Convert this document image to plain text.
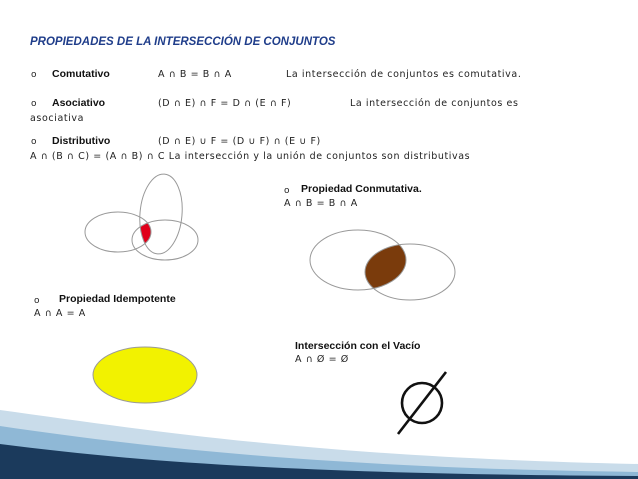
PROPIEDADES DE LA INTERSECCIÓN DE CONJUNTOS
o Comutativo	A ∩ B = B ∩ A	La intersección de conjuntos es comutativa.
o Asociativo	(D ∩ E) ∩ F = D ∩ (E ∩ F)	La intersección de conjuntos es
asociativa
o Distributivo	(D ∩ E) ∪ F = (D ∪ F) ∩ (E ∪ F)
A ∩ (B ∩ C) = (A ∩ B) ∩ C La intersección y la unión de conjuntos son distributivas
o Propiedad Conmutativa.
A ∩ B = B ∩ A
o Propiedad Idempotente
A ∩ A = A
Intersección con el Vacío
A ∩ Ø = Ø
